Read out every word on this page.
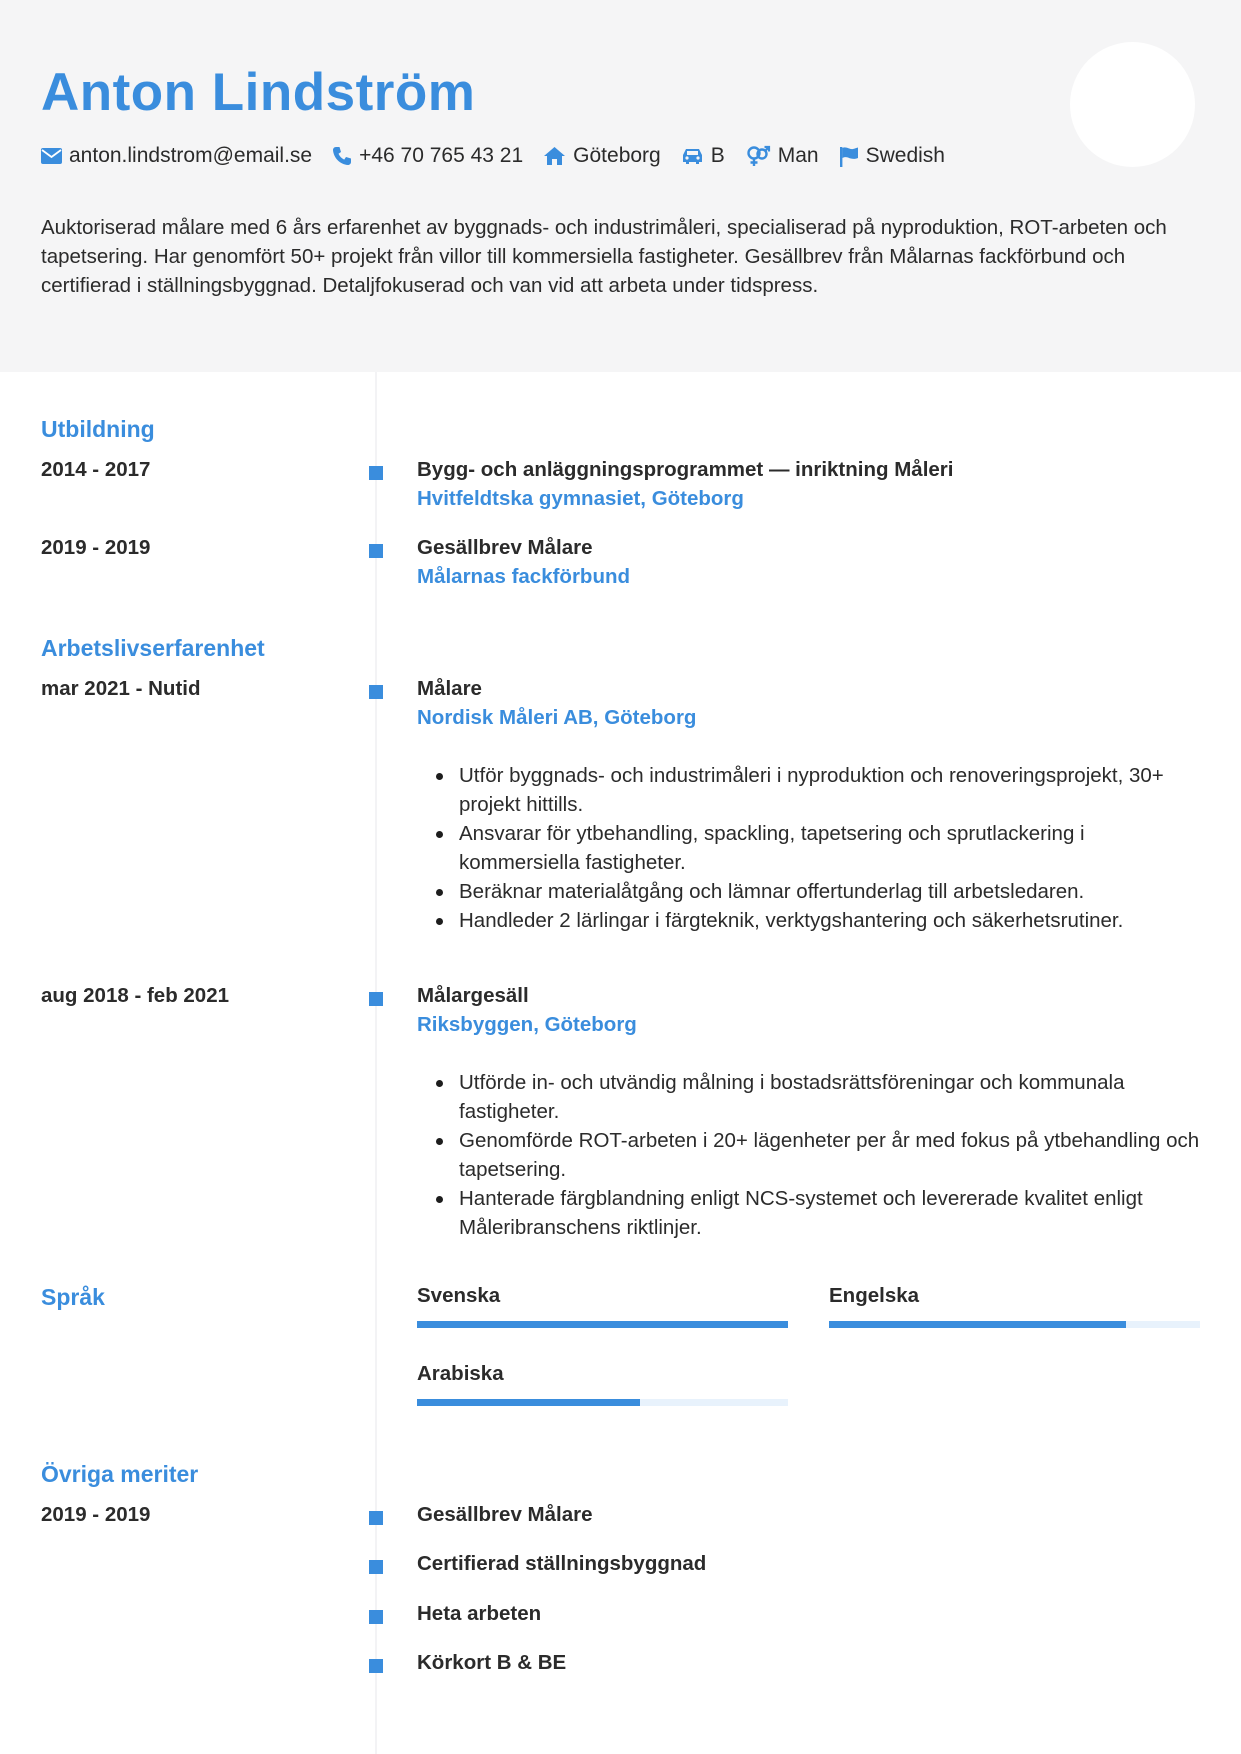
Anton Lindström
anton.lindstrom@email.se +46 70 765 43 21 Göteborg B	Man Swedish
Auktoriserad målare med 6 års erfarenhet av byggnads- och industrimåleri, specialiserad på nyproduktion, ROT-arbeten och tapetsering. Har genomfört 50+ projekt från villor till kommersiella fastigheter. Gesällbrev från Målarnas fackförbund och certifierad i ställningsbyggnad. Detaljfokuserad och van vid att arbeta under tidspress.
Utbildning
2014 - 2017	Bygg- och anläggningsprogrammet — inriktning Måleri
Hvitfeldtska gymnasiet, Göteborg
2019 - 2019	Gesällbrev Målare
Målarnas fackförbund
Arbetslivserfarenhet
mar 2021 - Nutid	Målare
Nordisk Måleri AB, Göteborg
Utför byggnads- och industrimåleri i nyproduktion och renoveringsprojekt, 30+ projekt hittills.
Ansvarar för ytbehandling, spackling, tapetsering och sprutlackering i kommersiella fastigheter.
Beräknar materialåtgång och lämnar offertunderlag till arbetsledaren.
Handleder 2 lärlingar i färgteknik, verktygshantering och säkerhetsrutiner.
aug 2018 - feb 2021	Målargesäll
Riksbyggen, Göteborg
Utförde in- och utvändig målning i bostadsrättsföreningar och kommunala fastigheter.
Genomförde ROT-arbeten i 20+ lägenheter per år med fokus på ytbehandling och tapetsering.
Hanterade färgblandning enligt NCS-systemet och levererade kvalitet enligt Måleribranschens riktlinjer.
Språk	Svenska	Engelska
Arabiska
Övriga meriter
2019 - 2019	Gesällbrev Målare
Certifierad ställningsbyggnad
Heta arbeten
Körkort B & BE
